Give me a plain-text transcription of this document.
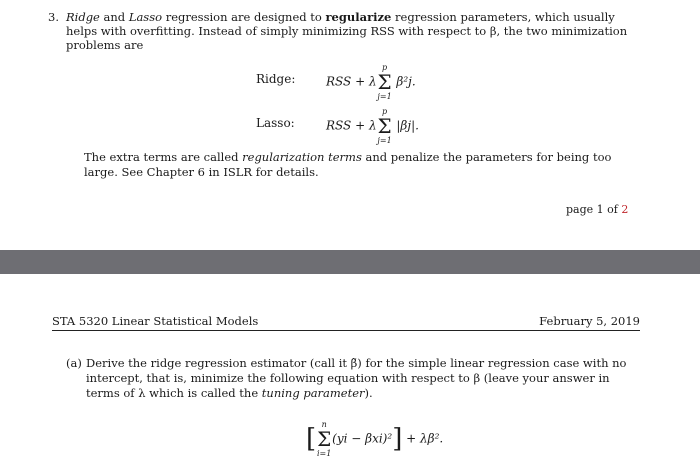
3. Ridge and Lasso regression are designed to regularize regression parameters, which usually helps with overfitting. Instead of simply minimizing RSS with respect to β, the two minimization problems are
Ridge:	RSS + λ
p
Σ
j=1
β²j.
Lasso:	RSS + λ
p
Σ
j=1
|βj|.
The extra terms are called regularization terms and penalize the parameters for being too large. See Chapter 6 in ISLR for details.
page 1 of 2
STA 5320 Linear Statistical Models	February 5, 2019
(a) Derive the ridge regression estimator (call it β̃) for the simple linear regression case with no intercept, that is, minimize the following equation with respect to β (leave your answer in terms of λ which is called the tuning parameter).
[ n
Σ
i=1
(yi − βxi)²] + λβ².
